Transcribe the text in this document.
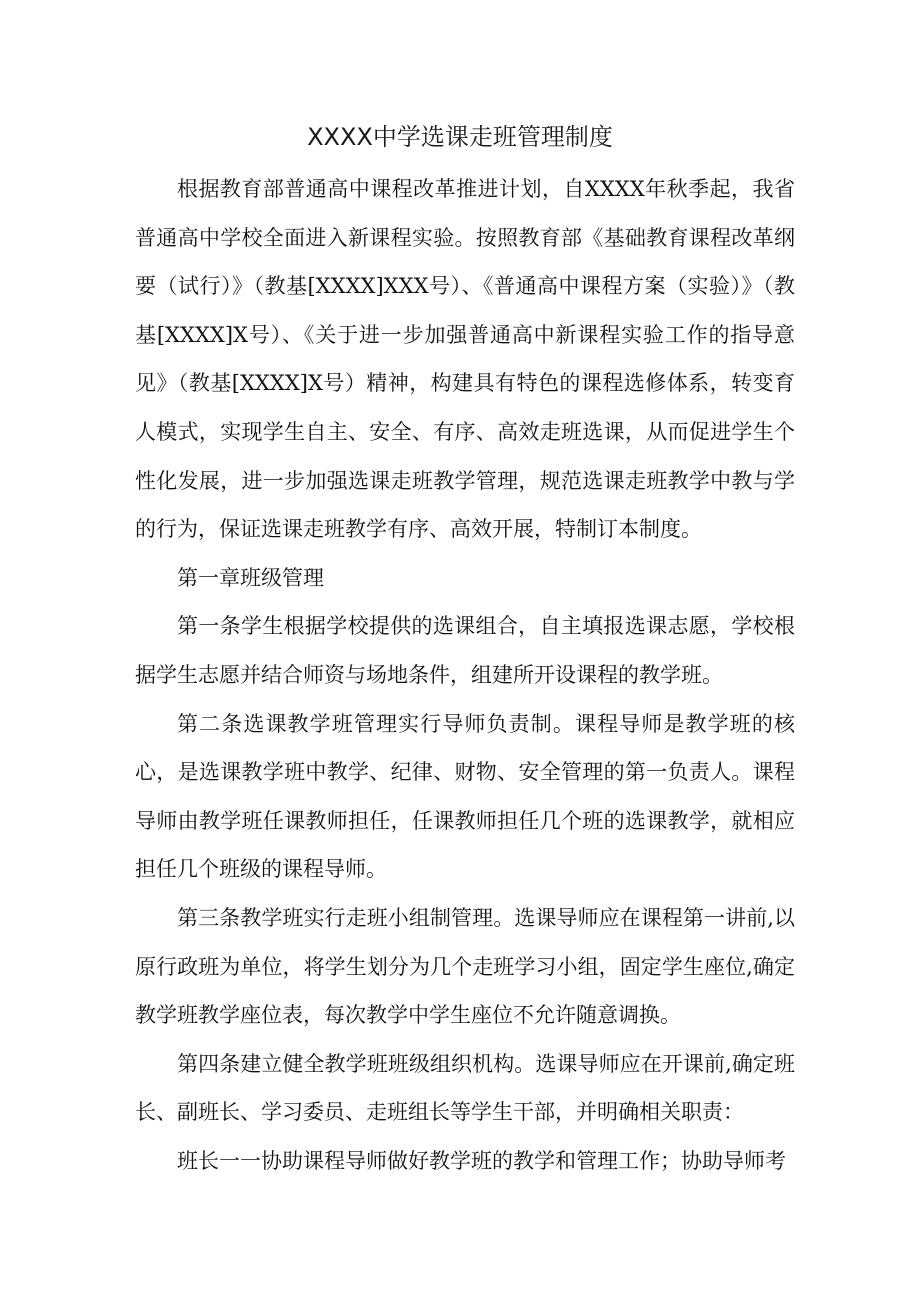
XXXX中学选课走班管理制度

根据教育部普通高中课程改革推进计划，自XXXX年秋季起，我省普通高中学校全面进入新课程实验。按照教育部《基础教育课程改革纲要（试行）》（教基[XXXX]XXX号）、《普通高中课程方案（实验）》（教基[XXXX]X号）、《关于进一步加强普通高中新课程实验工作的指导意见》（教基[XXXX]X号）精神，构建具有特色的课程选修体系，转变育人模式，实现学生自主、安全、有序、高效走班选课，从而促进学生个性化发展，进一步加强选课走班教学管理，规范选课走班教学中教与学的行为，保证选课走班教学有序、高效开展，特制订本制度。

第一章班级管理

第一条学生根据学校提供的选课组合，自主填报选课志愿，学校根据学生志愿并结合师资与场地条件，组建所开设课程的教学班。

第二条选课教学班管理实行导师负责制。课程导师是教学班的核心，是选课教学班中教学、纪律、财物、安全管理的第一负责人。课程导师由教学班任课教师担任，任课教师担任几个班的选课教学，就相应担任几个班级的课程导师。

第三条教学班实行走班小组制管理。选课导师应在课程第一讲前,以原行政班为单位，将学生划分为几个走班学习小组，固定学生座位,确定教学班教学座位表，每次教学中学生座位不允许随意调换。

第四条建立健全教学班班级组织机构。选课导师应在开课前,确定班长、副班长、学习委员、走班组长等学生干部，并明确相关职责：

班长一一协助课程导师做好教学班的教学和管理工作；协助导师考
